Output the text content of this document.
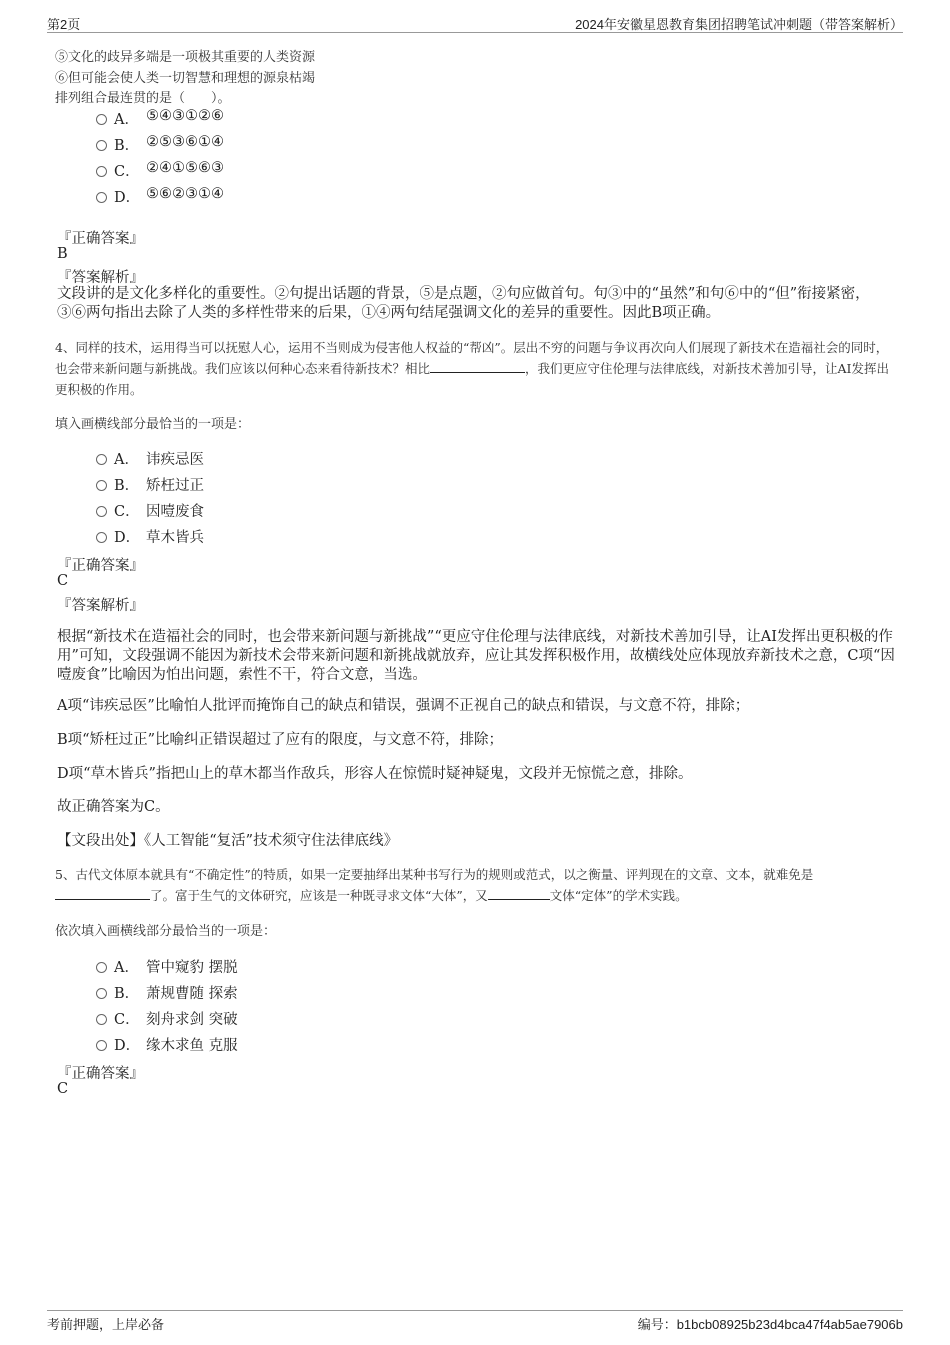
第2页	2024年安徽星恩教育集团招聘笔试冲刺题（带答案解析）
⑤文化的歧异多端是一项极其重要的人类资源
⑥但可能会使人类一切智慧和理想的源泉枯竭
排列组合最连贯的是（　　）。
A． ⑤④③①②⑥
B． ②⑤③⑥①④
C． ②④①⑤⑥③
D． ⑤⑥②③①④
『正确答案』
B
『答案解析』
文段讲的是文化多样化的重要性。②句提出话题的背景，⑤是点题，②句应做首句。句③中的“虽然”和句⑥中的“但”衔接紧密，③⑥两句指出去除了人类的多样性带来的后果，①④两句结尾强调文化的差异的重要性。因此B项正确。
4、同样的技术，运用得当可以抚慰人心，运用不当则成为侵害他人权益的“帮凶”。层出不穷的问题与争议再次向人们展现了新技术在造福社会的同时，也会带来新问题与新挑战。我们应该以何种心态来看待新技术？相比	，我们更应守住伦理与法律底线，对新技术善加引导，让AI发挥出更积极的作用。
填入画横线部分最恰当的一项是：
A． 讳疾忌医
B． 矫枉过正
C． 因噎废食
D． 草木皆兵
『正确答案』
C
『答案解析』
根据“新技术在造福社会的同时，也会带来新问题与新挑战”“更应守住伦理与法律底线，对新技术善加引导，让AI发挥出更积极的作用”可知，文段强调不能因为新技术会带来新问题和新挑战就放弃，应让其发挥积极作用，故横线处应体现放弃新技术之意，C项“因噎废食”比喻因为怕出问题，索性不干，符合文意，当选。
A项“讳疾忌医”比喻怕人批评而掩饰自己的缺点和错误，强调不正视自己的缺点和错误，与文意不符，排除；
B项“矫枉过正”比喻纠正错误超过了应有的限度，与文意不符，排除；
D项“草木皆兵”指把山上的草木都当作敌兵，形容人在惊慌时疑神疑鬼，文段并无惊慌之意，排除。
故正确答案为C。
【文段出处】《人工智能“复活”技术须守住法律底线》
5、古代文体原本就具有“不确定性”的特质，如果一定要抽绎出某种书写行为的规则或范式，以之衡量、评判现在的文章、文本，就难免是了。富于生气的文体研究，应该是一种既寻求文体“大体”，又	文体“定体”的学术实践。
依次填入画横线部分最恰当的一项是：
A． 管中窥豹 摆脱
B． 萧规曹随 探索
C． 刻舟求剑 突破
D． 缘木求鱼 克服
『正确答案』
C
考前押题，上岸必备	编号：b1bcb08925b23d4bca47f4ab5ae7906b
